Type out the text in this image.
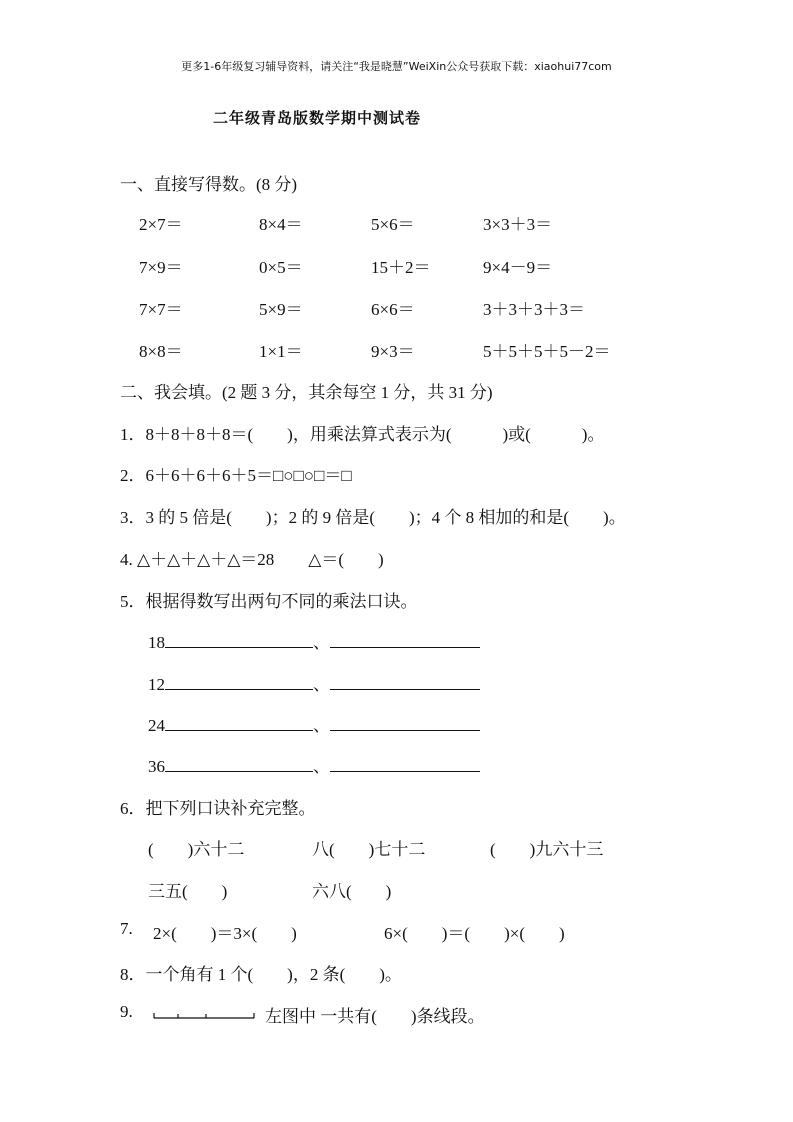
更多1-6年级复习辅导资料，请关注“我是晓慧”WeiXin公众号获取下载：xiaohui77com
二年级青岛版数学期中测试卷
一、直接写得数。(8 分)
2×7＝	8×4＝	5×6＝	3×3＋3＝
7×9＝	0×5＝	15＋2＝	9×4－9＝
7×7＝	5×9＝	6×6＝	3＋3＋3＋3＝
8×8＝	1×1＝	9×3＝	5＋5＋5＋5－2＝
二、我会填。(2 题 3 分，其余每空 1 分，共 31 分)
1．8＋8＋8＋8＝(　　)，用乘法算式表示为(　　　)或(　　　)。
2．6＋6＋6＋6＋5＝□○□○□＝□
3．3 的 5 倍是(　　)；2 的 9 倍是(　　)；4 个 8 相加的和是(　　)。
4. △＋△＋△＋△＝28　　△＝(　　)
5．根据得数写出两句不同的乘法口诀。
18	、
12	、
24	、
36	、
6．把下列口诀补充完整。
(　　)六十二	八(　　)七十二	(　　)九六十三
三五(　　)	六八(　　)
7. 2×(　　)＝3×(　　)	6×(　　)＝(　　)×(　　)
8．一个角有 1 个(　　)，2 条(　　)。
9.	左图中 一共有(　　)条线段。
